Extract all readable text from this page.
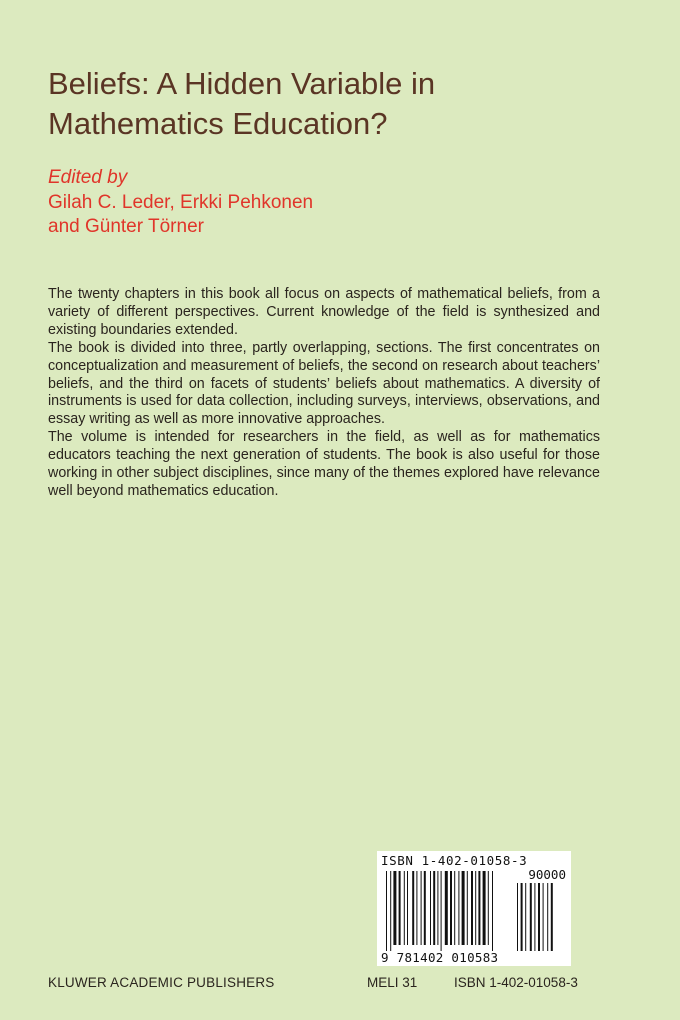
Beliefs: A Hidden Variable in
Mathematics Education?
Edited by
Gilah C. Leder, Erkki Pehkonen
and Günter Törner

The twenty chapters in this book all focus on aspects of mathematical beliefs, from a variety of different perspectives. Current knowledge of the field is synthesized and existing boundaries extended.

The book is divided into three, partly overlapping, sections. The first concentrates on conceptualization and measurement of beliefs, the second on research about teachers’ beliefs, and the third on facets of students’ beliefs about mathematics. A diversity of instruments is used for data collection, including surveys, interviews, observations, and essay writing as well as more innovative approaches.

The volume is intended for researchers in the field, as well as for mathematics educators teaching the next generation of students. The book is also useful for those working in other subject disciplines, since many of the themes explored have relevance well beyond mathematics education.

ISBN 1-402-01058-3
90000
9 781402 010583
KLUWER ACADEMIC PUBLISHERS	MELI 31	ISBN 1-402-01058-3
